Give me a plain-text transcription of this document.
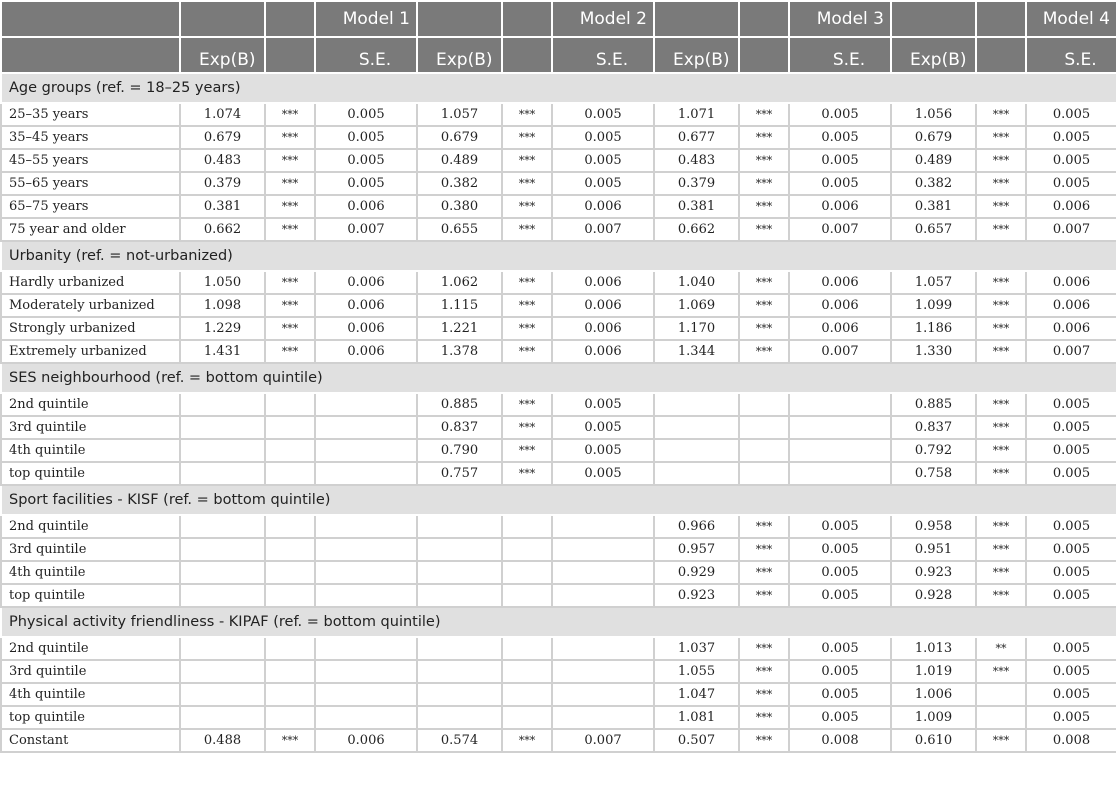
			Model 1			Model 2			Model 3			Model 4
	Exp(B)		S.E.	Exp(B)		S.E.	Exp(B)		S.E.	Exp(B)		S.E.
Age groups (ref. = 18–25 years)												
25–35 years	1.074	***	0.005	1.057	***	0.005	1.071	***	0.005	1.056	***	0.005
35–45 years	0.679	***	0.005	0.679	***	0.005	0.677	***	0.005	0.679	***	0.005
45–55 years	0.483	***	0.005	0.489	***	0.005	0.483	***	0.005	0.489	***	0.005
55–65 years	0.379	***	0.005	0.382	***	0.005	0.379	***	0.005	0.382	***	0.005
65–75 years	0.381	***	0.006	0.380	***	0.006	0.381	***	0.006	0.381	***	0.006
75 year and older	0.662	***	0.007	0.655	***	0.007	0.662	***	0.007	0.657	***	0.007
Urbanity (ref. = not-urbanized)												
Hardly urbanized	1.050	***	0.006	1.062	***	0.006	1.040	***	0.006	1.057	***	0.006
Moderately urbanized	1.098	***	0.006	1.115	***	0.006	1.069	***	0.006	1.099	***	0.006
Strongly urbanized	1.229	***	0.006	1.221	***	0.006	1.170	***	0.006	1.186	***	0.006
Extremely urbanized	1.431	***	0.006	1.378	***	0.006	1.344	***	0.007	1.330	***	0.007
SES neighbourhood (ref. = bottom quintile)												
2nd quintile				0.885	***	0.005				0.885	***	0.005
3rd quintile				0.837	***	0.005				0.837	***	0.005
4th quintile				0.790	***	0.005				0.792	***	0.005
top quintile				0.757	***	0.005				0.758	***	0.005
Sport facilities - KISF (ref. = bottom quintile)												
2nd quintile							0.966	***	0.005	0.958	***	0.005
3rd quintile							0.957	***	0.005	0.951	***	0.005
4th quintile							0.929	***	0.005	0.923	***	0.005
top quintile							0.923	***	0.005	0.928	***	0.005
Physical activity friendliness - KIPAF (ref. = bottom quintile)												
2nd quintile							1.037	***	0.005	1.013	**	0.005
3rd quintile							1.055	***	0.005	1.019	***	0.005
4th quintile							1.047	***	0.005	1.006		0.005
top quintile							1.081	***	0.005	1.009		0.005
Constant	0.488	***	0.006	0.574	***	0.007	0.507	***	0.008	0.610	***	0.008
